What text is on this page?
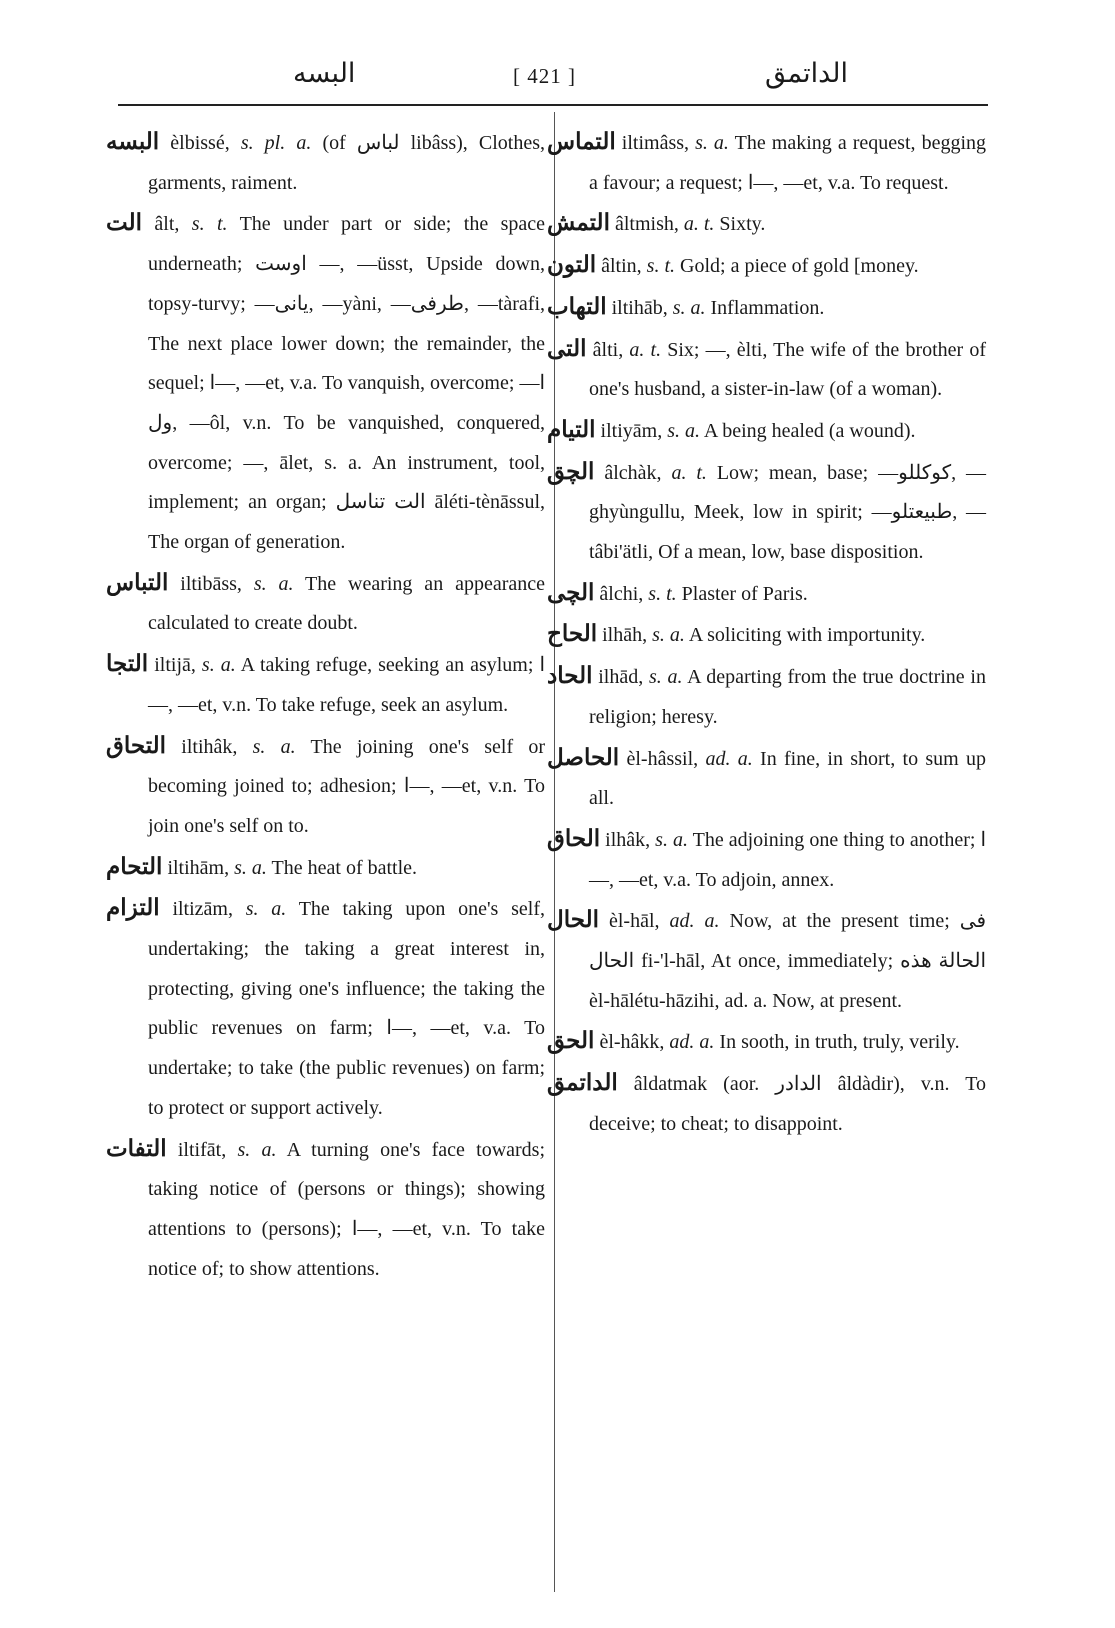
البسه	[ 421 ]	الداتمق

البسه èlbissé, s. pl. a. (of لباس libâss), Clothes, garments, raiment.

الت âlt, s. t. The under part or side; the space underneath; اوست —, —üsst, Upside down, topsy-turvy; —یانی, —yàni, —طرفی, —tàrafi, The next place lower down; the remainder, the sequel; ا—, —et, v.a. To vanquish, overcome; ا—ول, —ôl, v.n. To be vanquished, conquered, overcome; —, ālet, s. a. An instrument, tool, implement; an organ; الت تناسل āléti-tènāssul, The organ of generation.

التباس iltibāss, s. a. The wearing an appearance calculated to create doubt.

التجا iltijā, s. a. A taking refuge, seeking an asylum; ا—, —et, v.n. To take refuge, seek an asylum.

التحاق iltihâk, s. a. The joining one's self or becoming joined to; adhesion; ا—, —et, v.n. To join one's self on to.

التحام iltihām, s. a. The heat of battle.

التزام iltizām, s. a. The taking upon one's self, undertaking; the taking a great interest in, protecting, giving one's influence; the taking the public revenues on farm; ا—, —et, v.a. To undertake; to take (the public revenues) on farm; to protect or support actively.

التفات iltifāt, s. a. A turning one's face towards; taking notice of (persons or things); showing attentions to (persons); ا—, —et, v.n. To take notice of; to show attentions.

التماس iltimâss, s. a. The making a request, begging a favour; a request; ا—, —et, v.a. To request.

التمش âltmish, a. t. Sixty.

التون âltin, s. t. Gold; a piece of gold [money.

التهاب iltihāb, s. a. Inflammation.

التی âlti, a. t. Six; —, èlti, The wife of the brother of one's husband, a sister-in-law (of a woman).

التیام iltiyām, s. a. A being healed (a wound).

الچق âlchàk, a. t. Low; mean, base; —کوکللو, —ghyùngullu, Meek, low in spirit; —طبیعتلو, —tâbi'ätli, Of a mean, low, base disposition.

الچی âlchi, s. t. Plaster of Paris.

الحاح ilhāh, s. a. A soliciting with importunity.

الحاد ilhād, s. a. A departing from the true doctrine in religion; heresy.

الحاصل èl-hâssil, ad. a. In fine, in short, to sum up all.

الحاق ilhâk, s. a. The adjoining one thing to another; ا—, —et, v.a. To adjoin, annex.

الحال èl-hāl, ad. a. Now, at the present time; فی الحال fi-'l-hāl, At once, immediately; الحالة هذه èl-hālétu-hāzihi, ad. a. Now, at present.

الحق èl-hâkk, ad. a. In sooth, in truth, truly, verily.

الداتمق âldatmak (aor. الدادر âldàdir), v.n. To deceive; to cheat; to disappoint.
